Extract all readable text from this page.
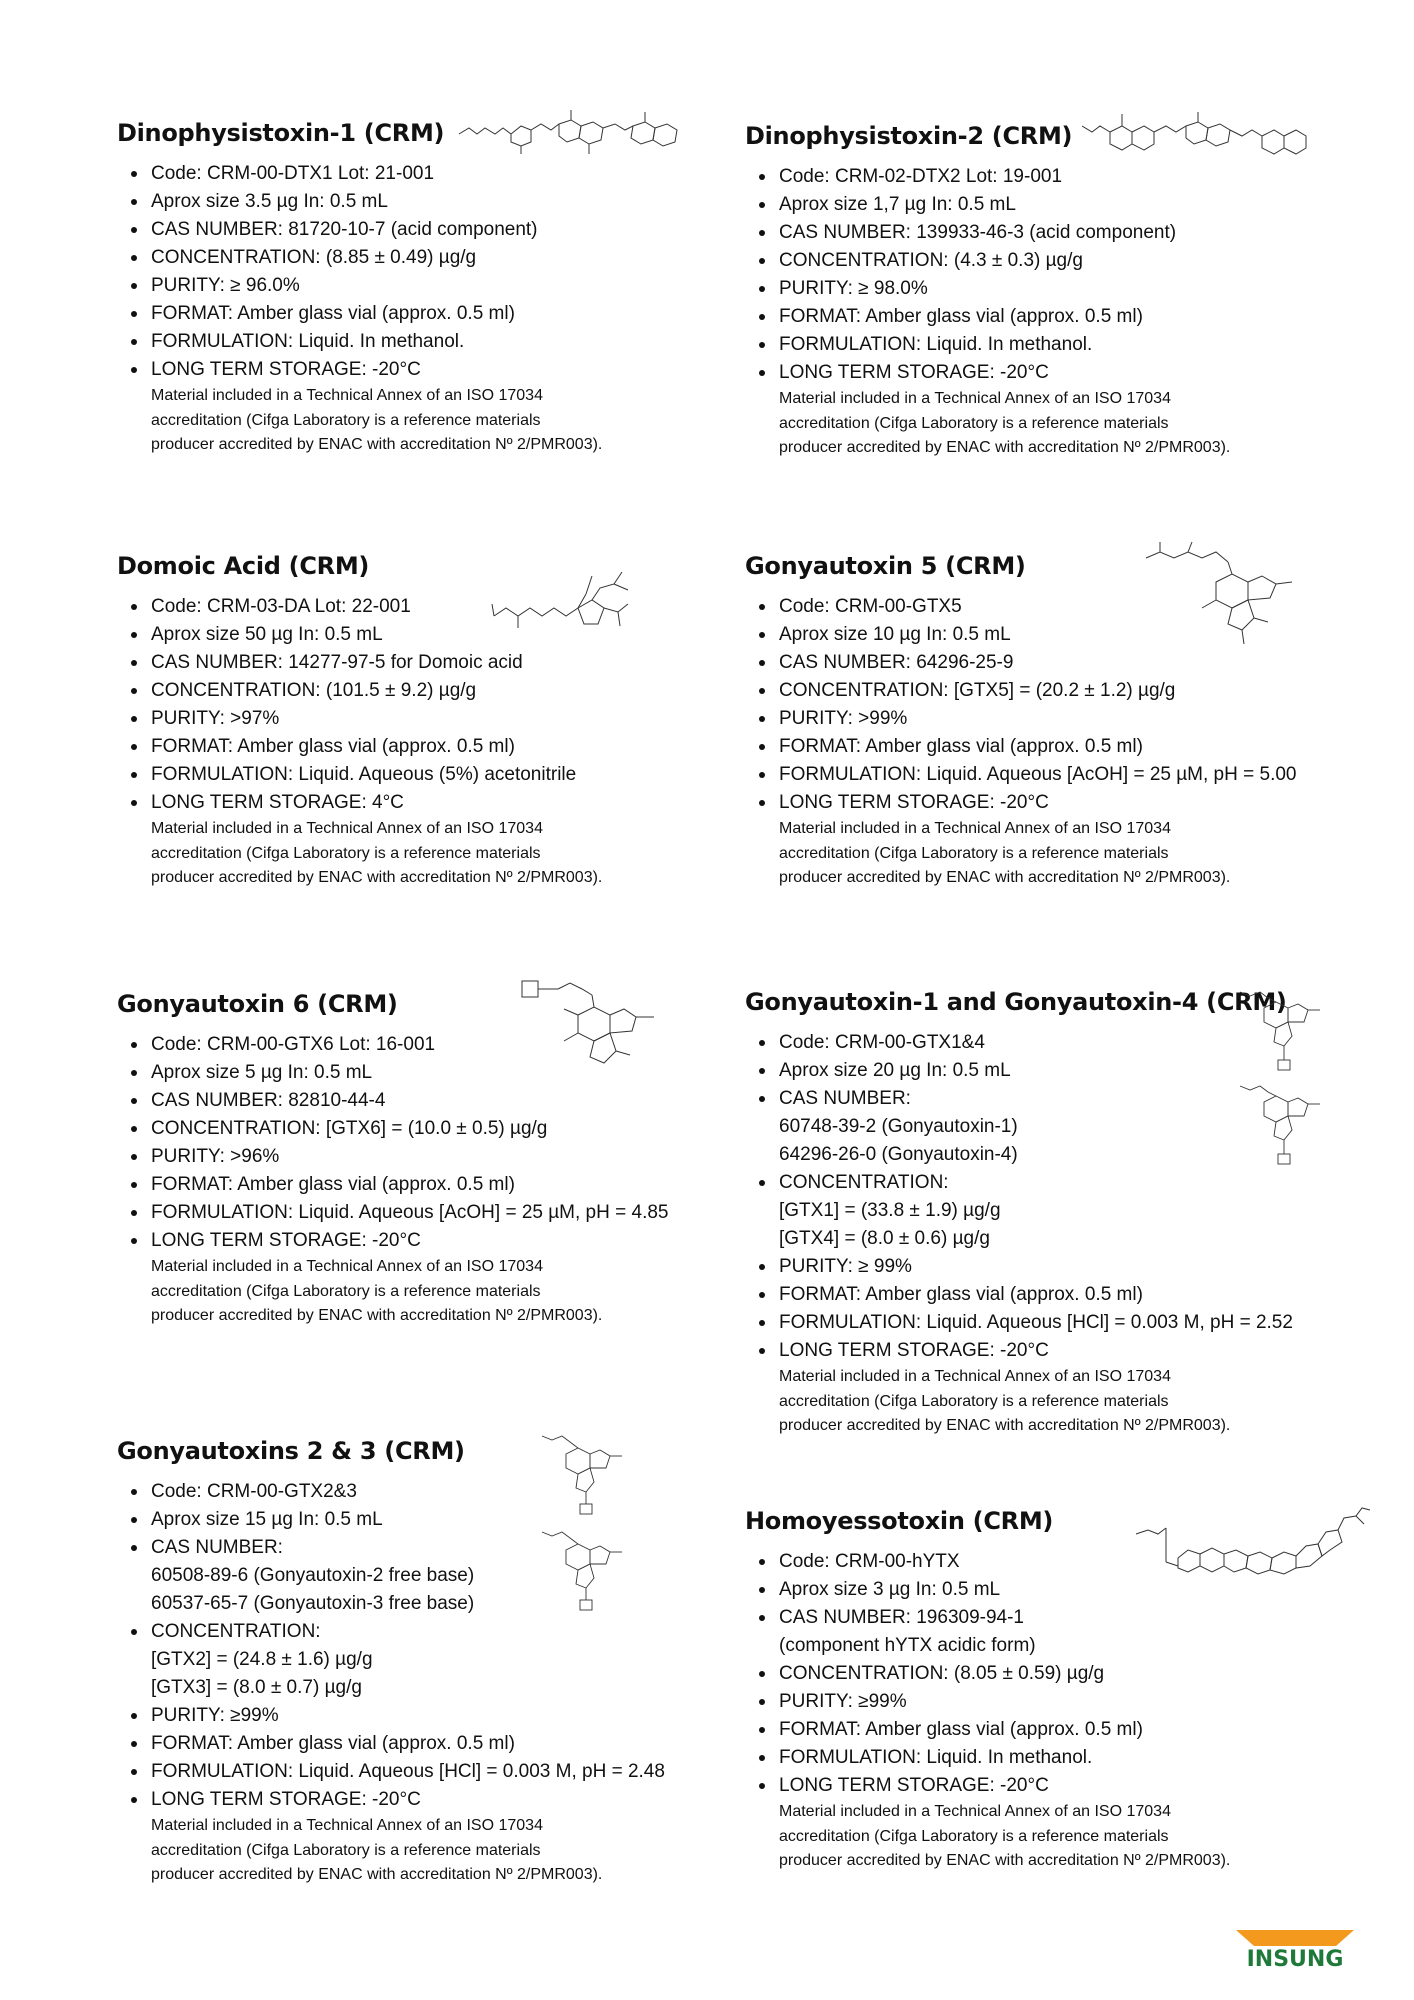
Dinophysistoxin-1 (CRM)
Code: CRM-00-DTX1 Lot: 21-001
Aprox size 3.5 µg In: 0.5 mL
CAS NUMBER: 81720-10-7 (acid component)
CONCENTRATION: (8.85 ± 0.49) µg/g
PURITY: ≥ 96.0%
FORMAT: Amber glass vial (approx. 0.5 ml)
FORMULATION: Liquid. In methanol.
LONG TERM STORAGE: -20°C
Material included in a Technical Annex of an ISO 17034
accreditation (Cifga Laboratory is a reference materials
producer accredited by ENAC with accreditation Nº 2/PMR003).
Dinophysistoxin-2 (CRM)
Code: CRM-02-DTX2 Lot: 19-001
Aprox size 1,7 µg In: 0.5 mL
CAS NUMBER: 139933-46-3 (acid component)
CONCENTRATION: (4.3 ± 0.3) µg/g
PURITY: ≥ 98.0%
FORMAT: Amber glass vial (approx. 0.5 ml)
FORMULATION: Liquid. In methanol.
LONG TERM STORAGE: -20°C
Material included in a Technical Annex of an ISO 17034
accreditation (Cifga Laboratory is a reference materials
producer accredited by ENAC with accreditation Nº 2/PMR003).
Domoic Acid (CRM)
Code: CRM-03-DA Lot: 22-001
Aprox size 50 µg In: 0.5 mL
CAS NUMBER: 14277-97-5 for Domoic acid
CONCENTRATION: (101.5 ± 9.2) µg/g
PURITY: >97%
FORMAT: Amber glass vial (approx. 0.5 ml)
FORMULATION: Liquid. Aqueous (5%) acetonitrile
LONG TERM STORAGE: 4°C
Material included in a Technical Annex of an ISO 17034
accreditation (Cifga Laboratory is a reference materials
producer accredited by ENAC with accreditation Nº 2/PMR003).
Gonyautoxin 5 (CRM)
Code: CRM-00-GTX5
Aprox size 10 µg In: 0.5 mL
CAS NUMBER: 64296-25-9
CONCENTRATION: [GTX5] = (20.2 ± 1.2) µg/g
PURITY: >99%
FORMAT: Amber glass vial (approx. 0.5 ml)
FORMULATION: Liquid. Aqueous [AcOH] = 25 µM, pH = 5.00
LONG TERM STORAGE: -20°C
Material included in a Technical Annex of an ISO 17034
accreditation (Cifga Laboratory is a reference materials
producer accredited by ENAC with accreditation Nº 2/PMR003).
Gonyautoxin 6 (CRM)
Code: CRM-00-GTX6 Lot: 16-001
Aprox size 5 µg In: 0.5 mL
CAS NUMBER: 82810-44-4
CONCENTRATION: [GTX6] = (10.0 ± 0.5) µg/g
PURITY: >96%
FORMAT: Amber glass vial (approx. 0.5 ml)
FORMULATION: Liquid. Aqueous [AcOH] = 25 µM, pH = 4.85
LONG TERM STORAGE: -20°C
Material included in a Technical Annex of an ISO 17034
accreditation (Cifga Laboratory is a reference materials
producer accredited by ENAC with accreditation Nº 2/PMR003).
Gonyautoxin-1 and Gonyautoxin-4 (CRM)
Code: CRM-00-GTX1&4
Aprox size 20 µg In: 0.5 mL
CAS NUMBER:
60748-39-2 (Gonyautoxin-1)
64296-26-0 (Gonyautoxin-4)
CONCENTRATION:
[GTX1] = (33.8 ± 1.9) µg/g
[GTX4] = (8.0 ± 0.6) µg/g
PURITY: ≥ 99%
FORMAT: Amber glass vial (approx. 0.5 ml)
FORMULATION: Liquid. Aqueous [HCl] = 0.003 M, pH = 2.52
LONG TERM STORAGE: -20°C
Material included in a Technical Annex of an ISO 17034
accreditation (Cifga Laboratory is a reference materials
producer accredited by ENAC with accreditation Nº 2/PMR003).
Gonyautoxins 2 & 3 (CRM)
Code: CRM-00-GTX2&3
Aprox size 15 µg In: 0.5 mL
CAS NUMBER:
60508-89-6 (Gonyautoxin-2 free base)
60537-65-7 (Gonyautoxin-3 free base)
CONCENTRATION:
[GTX2] = (24.8 ± 1.6) µg/g
[GTX3] = (8.0 ± 0.7) µg/g
PURITY: ≥99%
FORMAT: Amber glass vial (approx. 0.5 ml)
FORMULATION: Liquid. Aqueous [HCl] = 0.003 M, pH = 2.48
LONG TERM STORAGE: -20°C
Material included in a Technical Annex of an ISO 17034
accreditation (Cifga Laboratory is a reference materials
producer accredited by ENAC with accreditation Nº 2/PMR003).
Homoyessotoxin (CRM)
Code: CRM-00-hYTX
Aprox size 3 µg In: 0.5 mL
CAS NUMBER: 196309-94-1
(component hYTX acidic form)
CONCENTRATION: (8.05 ± 0.59) µg/g
PURITY: ≥99%
FORMAT: Amber glass vial (approx. 0.5 ml)
FORMULATION: Liquid. In methanol.
LONG TERM STORAGE: -20°C
Material included in a Technical Annex of an ISO 17034
accreditation (Cifga Laboratory is a reference materials
producer accredited by ENAC with accreditation Nº 2/PMR003).
INSUNG
